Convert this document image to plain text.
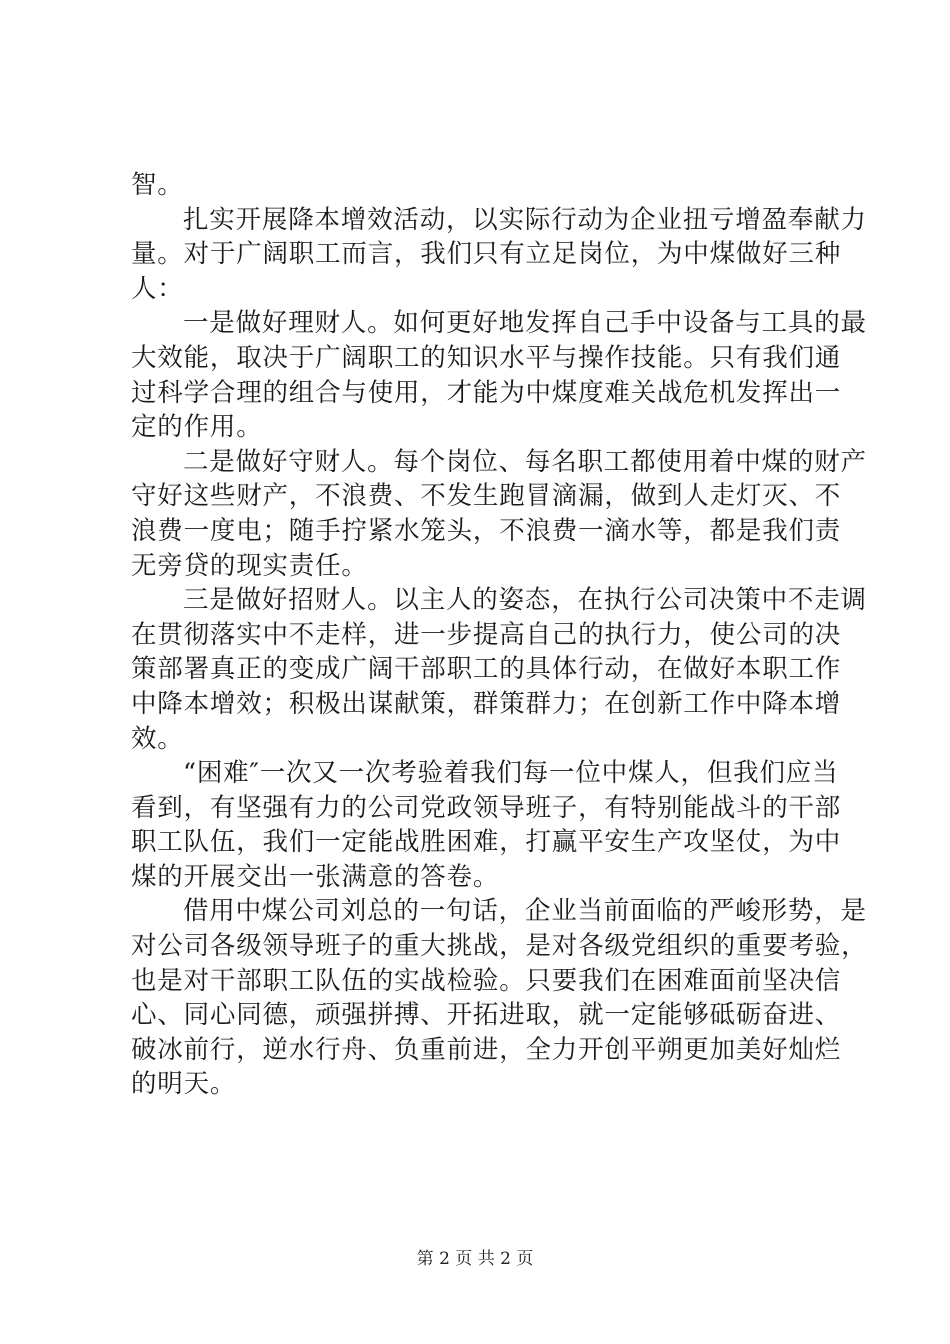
智。
扎实开展降本增效活动，以实际行动为企业扭亏增盈奉献力
量。对于广阔职工而言，我们只有立足岗位，为中煤做好三种
人：
一是做好理财人。如何更好地发挥自己手中设备与工具的最
大效能，取决于广阔职工的知识水平与操作技能。只有我们通
过科学合理的组合与使用，才能为中煤度难关战危机发挥出一
定的作用。
二是做好守财人。每个岗位、每名职工都使用着中煤的财产
守好这些财产，不浪费、不发生跑冒滴漏，做到人走灯灭、不
浪费一度电；随手拧紧水笼头，不浪费一滴水等，都是我们责
无旁贷的现实责任。
三是做好招财人。以主人的姿态，在执行公司决策中不走调
在贯彻落实中不走样，进一步提高自己的执行力，使公司的决
策部署真正的变成广阔干部职工的具体行动，在做好本职工作
中降本增效；积极出谋献策，群策群力；在创新工作中降本增
效。
“困难″一次又一次考验着我们每一位中煤人，但我们应当
看到，有坚强有力的公司党政领导班子，有特别能战斗的干部
职工队伍，我们一定能战胜困难，打赢平安生产攻坚仗，为中
煤的开展交出一张满意的答卷。
借用中煤公司刘总的一句话，企业当前面临的严峻形势，是
对公司各级领导班子的重大挑战，是对各级党组织的重要考验，
也是对干部职工队伍的实战检验。只要我们在困难面前坚决信
心、同心同德，顽强拼搏、开拓进取，就一定能够砥砺奋进、
破冰前行，逆水行舟、负重前进，全力开创平朔更加美好灿烂
的明天。
第 2 页 共 2 页
